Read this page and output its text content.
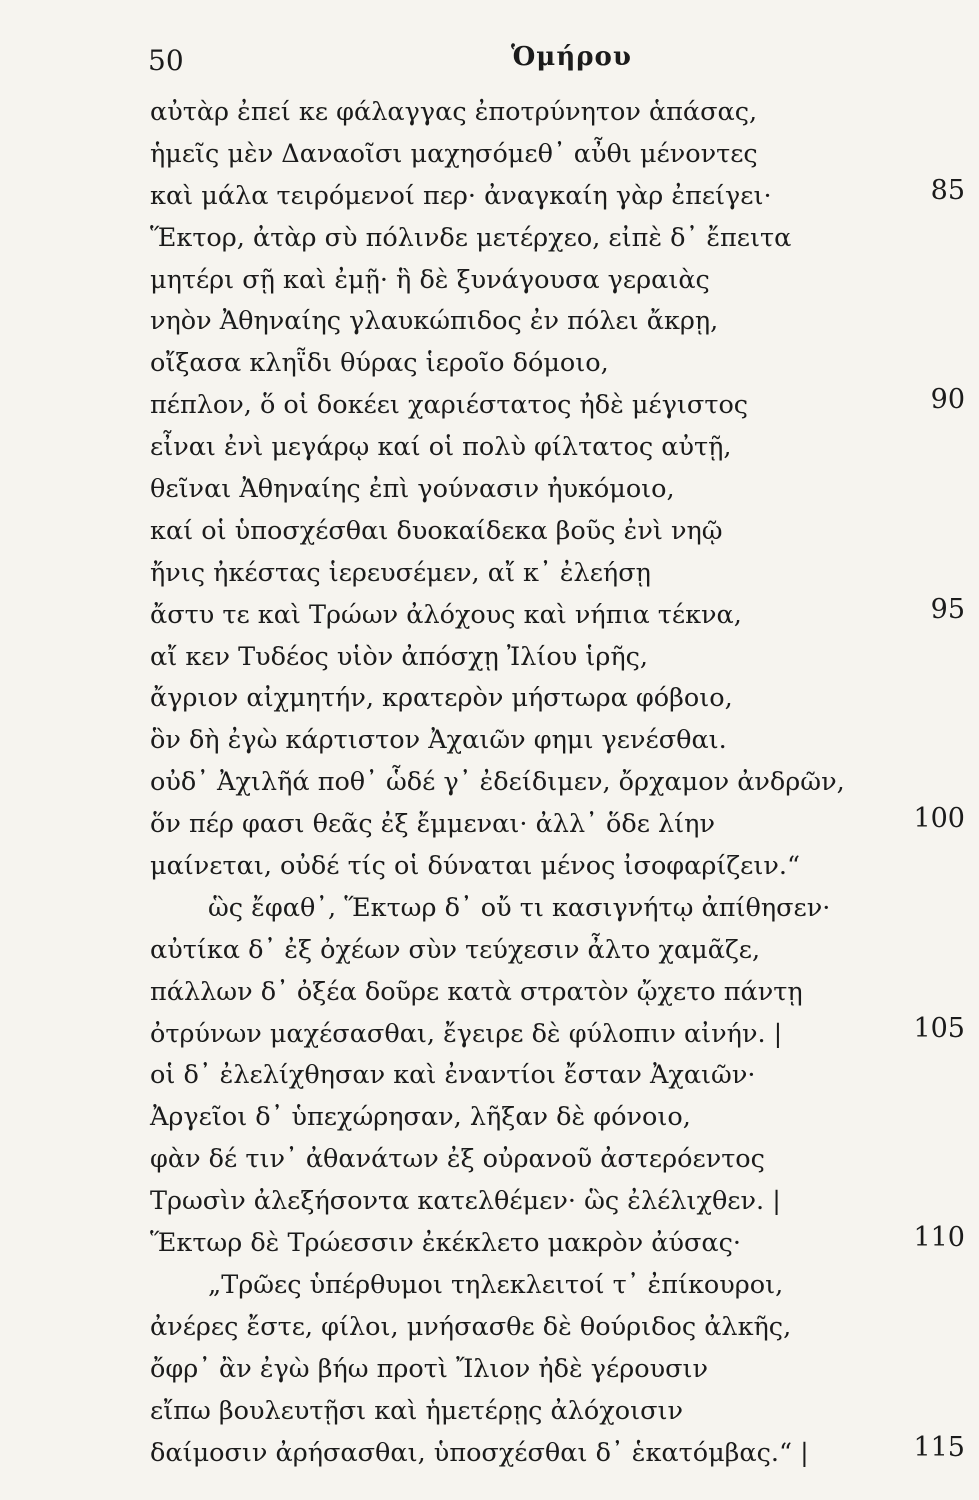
50	Ὁμήρου
αὐτὰρ ἐπεί κε φάλαγγας ἐποτρύνητον ἁπάσας,
ἡμεῖς μὲν Δαναοῖσι μαχησόμεθ᾽ αὖθι μένοντες
καὶ μάλα τειρόμενοί περ· ἀναγκαίη γὰρ ἐπείγει·	85
Ἕκτορ, ἀτὰρ σὺ πόλινδε μετέρχεο, εἰπὲ δ᾽ ἔπειτα
μητέρι σῇ καὶ ἐμῇ· ἣ δὲ ξυνάγουσα γεραιὰς
νηὸν Ἀθηναίης γλαυκώπιδος ἐν πόλει ἄκρῃ,
οἴξασα κληῗδι θύρας ἱεροῖο δόμοιο,
πέπλον, ὅ οἱ δοκέει χαριέστατος ἠδὲ μέγιστος	90
εἶναι ἐνὶ μεγάρῳ καί οἱ πολὺ φίλτατος αὐτῇ,
θεῖναι Ἀθηναίης ἐπὶ γούνασιν ἠυκόμοιο,
καί οἱ ὑποσχέσθαι δυοκαίδεκα βοῦς ἐνὶ νηῷ
ἤνις ἠκέστας ἱερευσέμεν, αἴ κ᾽ ἐλεήσῃ
ἄστυ τε καὶ Τρώων ἀλόχους καὶ νήπια τέκνα,	95
αἴ κεν Τυδέος υἱὸν ἀπόσχῃ Ἰλίου ἱρῆς,
ἄγριον αἰχμητήν, κρατερὸν μήστωρα φόβοιο,
ὃν δὴ ἐγὼ κάρτιστον Ἀχαιῶν φημι γενέσθαι.
οὐδ᾽ Ἀχιλῆά ποθ᾽ ὧδέ γ᾽ ἐδείδιμεν, ὄρχαμον ἀνδρῶν,
ὅν πέρ φασι θεᾶς ἐξ ἔμμεναι· ἀλλ᾽ ὅδε λίην	100
μαίνεται, οὐδέ τίς οἱ δύναται μένος ἰσοφαρίζειν.“
ὣς ἔφαθ᾽, Ἕκτωρ δ᾽ οὔ τι κασιγνήτῳ ἀπίθησεν·
αὐτίκα δ᾽ ἐξ ὀχέων σὺν τεύχεσιν ἆλτο χαμᾶζε,
πάλλων δ᾽ ὀξέα δοῦρε κατὰ στρατὸν ᾤχετο πάντῃ
ὀτρύνων μαχέσασθαι, ἔγειρε δὲ φύλοπιν αἰνήν. |	105
οἱ δ᾽ ἐλελίχθησαν καὶ ἐναντίοι ἔσταν Ἀχαιῶν·
Ἀργεῖοι δ᾽ ὑπεχώρησαν, λῆξαν δὲ φόνοιο,
φὰν δέ τιν᾽ ἀθανάτων ἐξ οὐρανοῦ ἀστερόεντος
Τρωσὶν ἀλεξήσοντα κατελθέμεν· ὣς ἐλέλιχθεν. |
Ἕκτωρ δὲ Τρώεσσιν ἐκέκλετο μακρὸν ἀύσας·	110
„Τρῶες ὑπέρθυμοι τηλεκλειτοί τ᾽ ἐπίκουροι,
ἀνέρες ἔστε, φίλοι, μνήσασθε δὲ θούριδος ἀλκῆς,
ὄφρ᾽ ἂν ἐγὼ βήω προτὶ Ἴλιον ἠδὲ γέρουσιν
εἴπω βουλευτῇσι καὶ ἡμετέρῃς ἀλόχοισιν
δαίμοσιν ἀρήσασθαι, ὑποσχέσθαι δ᾽ ἑκατόμβας.“ |	115
